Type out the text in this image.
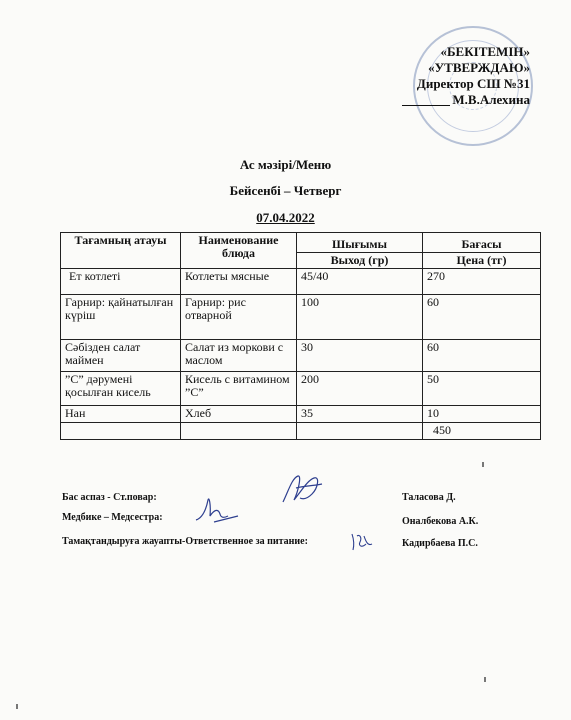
«БЕКІТЕМІН»
«УТВЕРЖДАЮ»
Директор СШ №31
М.В.Алехина
Ас мәзірі/Меню
Бейсенбі – Четверг
07.04.2022
Тағамның атауы	Наименование блюда	Шығымы	Бағасы
		Выход (гр)	Цена (тг)
Ет котлеті	Котлеты мясные	45/40	270
Гарнир: қайнатылған күріш	Гарнир: рис отварной	100	60
Сәбізден салат маймен	Салат из моркови с маслом	30	60
”С” дәрумені қосылған кисель	Кисель с витамином ”С”	200	50
Нан	Хлеб	35	10
			450
Бас аспаз - Ст.повар:	Таласова Д.
Медбике – Медсестра:	Оналбекова А.К.
Тамақтандыруға жауапты-Ответственное за питание:	Кадирбаева П.С.
